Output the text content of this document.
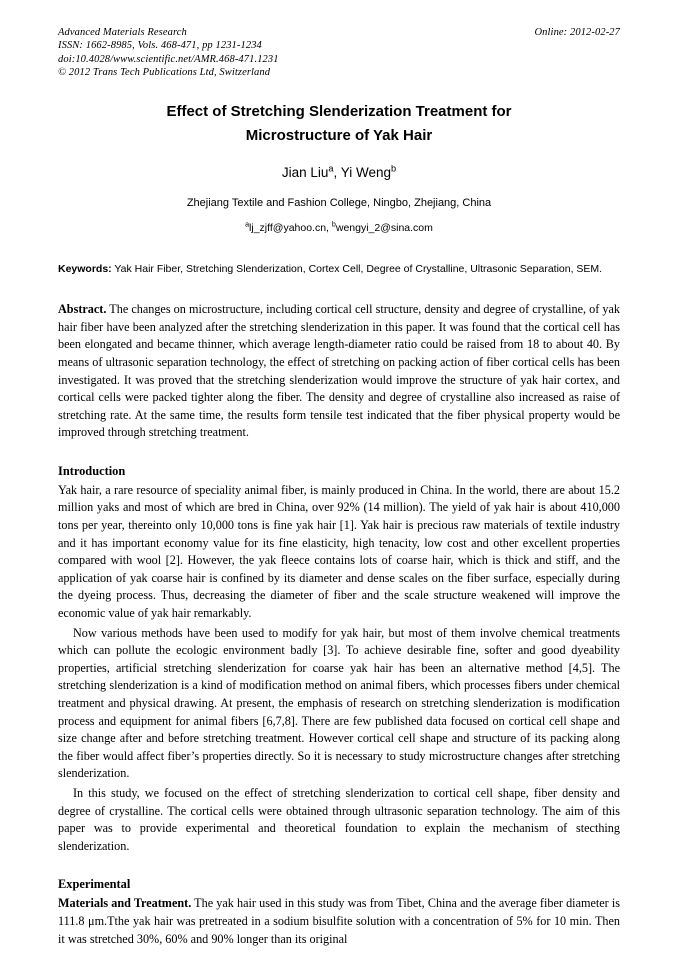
Online: 2012-02-27
Advanced Materials Research
ISSN: 1662-8985, Vols. 468-471, pp 1231-1234
doi:10.4028/www.scientific.net/AMR.468-471.1231
© 2012 Trans Tech Publications Ltd, Switzerland
Effect of Stretching Slenderization Treatment for
Microstructure of Yak Hair
Jian Liu$^a$, Yi Weng$^b$
Zhejiang Textile and Fashion College, Ningbo, Zhejiang, China
$^a$lj_zjff@yahoo.cn, $^b$wengyi_2@sina.com
Keywords: Yak Hair Fiber, Stretching Slenderization, Cortex Cell, Degree of Crystalline, Ultrasonic Separation, SEM.
Abstract. The changes on microstructure, including cortical cell structure, density and degree of crystalline, of yak hair fiber have been analyzed after the stretching slenderization in this paper. It was found that the cortical cell has been elongated and became thinner, which average length-diameter ratio could be raised from 18 to about 40. By means of ultrasonic separation technology, the effect of stretching on packing action of fiber cortical cells has been investigated. It was proved that the stretching slenderization would improve the structure of yak hair cortex, and cortical cells were packed tighter along the fiber. The density and degree of crystalline also increased as raise of stretching rate. At the same time, the results form tensile test indicated that the fiber physical property would be improved through stretching treatment.
Introduction

Yak hair, a rare resource of speciality animal fiber, is mainly produced in China. In the world, there are about 15.2 million yaks and most of which are bred in China, over 92% (14 million). The yield of yak hair is about 410,000 tons per year, thereinto only 10,000 tons is fine yak hair [1]. Yak hair is precious raw materials of textile industry and it has important economy value for its fine elasticity, high tenacity, low cost and other excellent properties compared with wool [2]. However, the yak fleece contains lots of coarse hair, which is thick and stiff, and the application of yak coarse hair is confined by its diameter and dense scales on the fiber surface, especially during the dyeing process. Thus, decreasing the diameter of fiber and the scale structure weakened will improve the economic value of yak hair remarkably.

Now various methods have been used to modify for yak hair, but most of them involve chemical treatments which can pollute the ecologic environment badly [3]. To achieve desirable fine, softer and good dyeability properties, artificial stretching slenderization for coarse yak hair has been an alternative method [4,5]. The stretching slenderization is a kind of modification method on animal fibers, which processes fibers under chemical treatment and physical drawing. At present, the emphasis of research on stretching slenderization is modification process and equipment for animal fibers [6,7,8]. There are few published data focused on cortical cell shape and size change after and before stretching treatment. However cortical cell shape and structure of its packing along the fiber would affect fiber’s properties directly. So it is necessary to study microstructure changes after stretching slenderization.

In this study, we focused on the effect of stretching slenderization to cortical cell shape, fiber density and degree of crystalline. The cortical cells were obtained through ultrasonic separation technology. The aim of this paper was to provide experimental and theoretical foundation to explain the mechanism of stecthing slenderization.

Experimental

Materials and Treatment. The yak hair used in this study was from Tibet, China and the average fiber diameter is 111.8 μm.Tthe yak hair was pretreated in a sodium bisulfite solution with a concentration of 5% for 10 min. Then it was stretched 30%, 60% and 90% longer than its original
